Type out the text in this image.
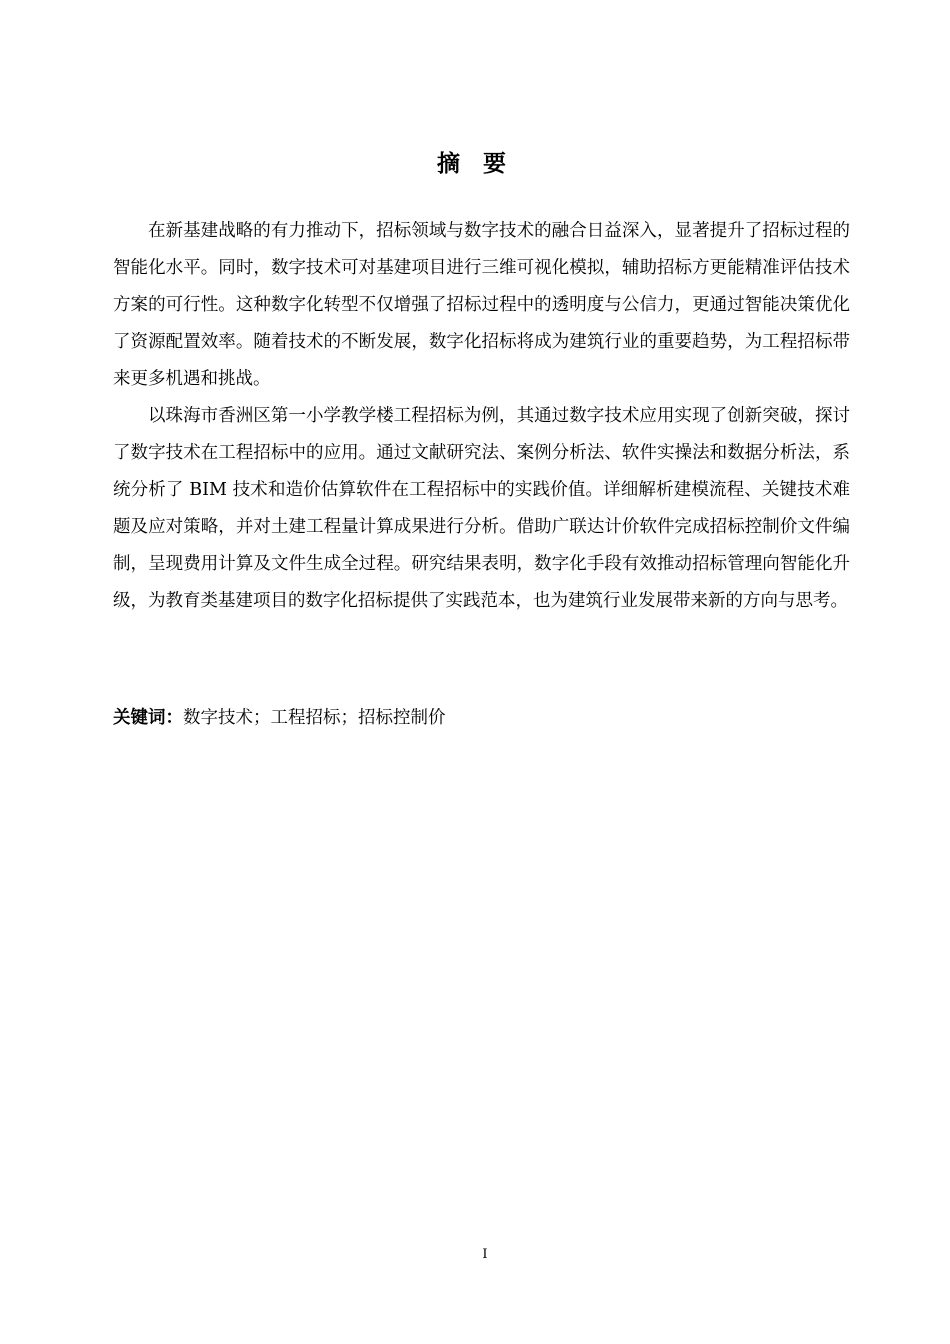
摘要

在新基建战略的有力推动下，招标领域与数字技术的融合日益深入，显著提升了招标过程的智能化水平。同时，数字技术可对基建项目进行三维可视化模拟，辅助招标方更能精准评估技术方案的可行性。这种数字化转型不仅增强了招标过程中的透明度与公信力，更通过智能决策优化了资源配置效率。随着技术的不断发展，数字化招标将成为建筑行业的重要趋势，为工程招标带来更多机遇和挑战。

以珠海市香洲区第一小学教学楼工程招标为例，其通过数字技术应用实现了创新突破，探讨了数字技术在工程招标中的应用。通过文献研究法、案例分析法、软件实操法和数据分析法，系统分析了 BIM 技术和造价估算软件在工程招标中的实践价值。详细解析建模流程、关键技术难题及应对策略，并对土建工程量计算成果进行分析。借助广联达计价软件完成招标控制价文件编制，呈现费用计算及文件生成全过程。研究结果表明，数字化手段有效推动招标管理向智能化升级，为教育类基建项目的数字化招标提供了实践范本，也为建筑行业发展带来新的方向与思考。

关键词：数字技术；工程招标；招标控制价
I
